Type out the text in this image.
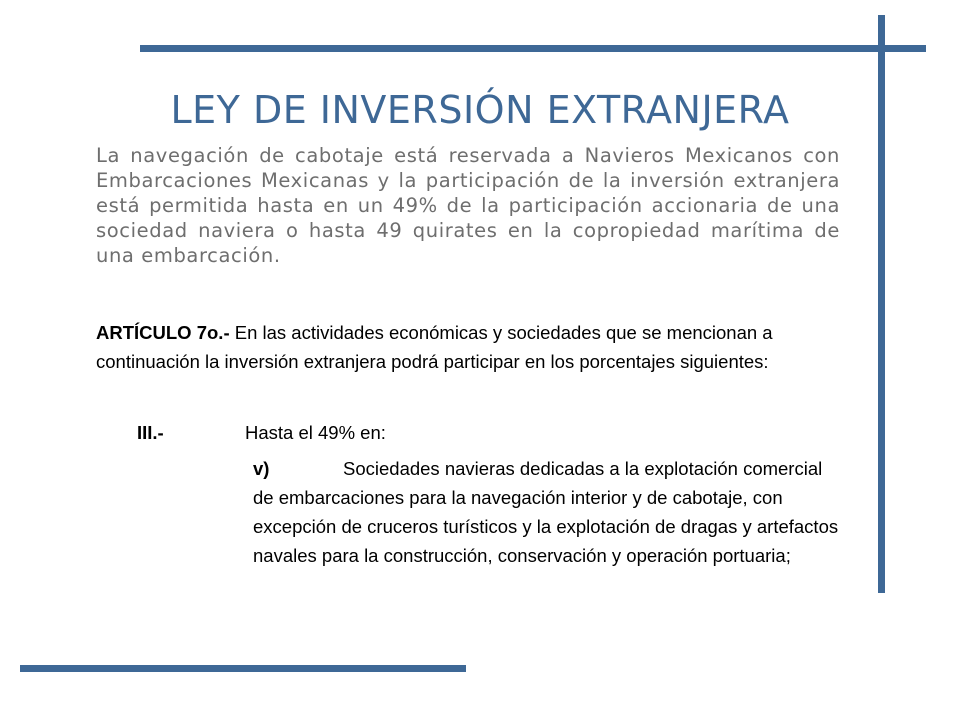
LEY DE INVERSIÓN EXTRANJERA

La navegación de cabotaje está reservada a Navieros Mexicanos con Embarcaciones Mexicanas y la participación de la inversión extranjera está permitida hasta en un 49% de la participación accionaria de una sociedad naviera o hasta 49 quirates en la copropiedad marítima de una embarcación.

ARTÍCULO 7o.- En las actividades económicas y sociedades que se mencionan a continuación la inversión extranjera podrá participar en los porcentajes siguientes:

III.-	Hasta el 49% en:

v)	Sociedades navieras dedicadas a la explotación comercial de embarcaciones para la navegación interior y de cabotaje, con excepción de cruceros turísticos y la explotación de dragas y artefactos navales para la construcción, conservación y operación portuaria;
